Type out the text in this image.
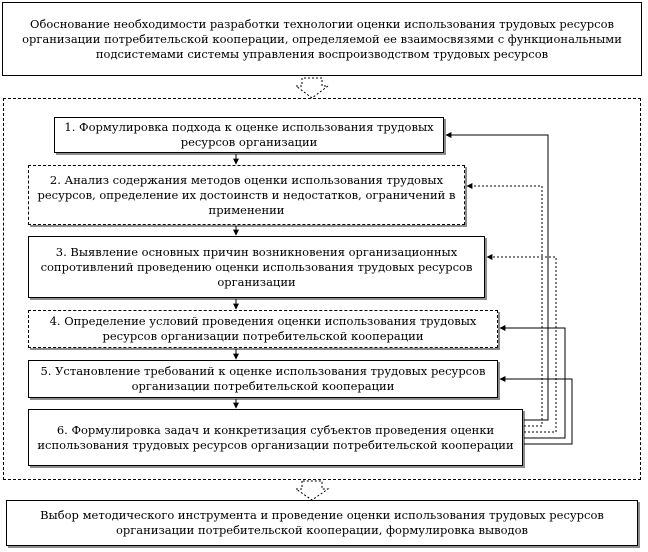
Обоснование необходимости разработки технологии оценки использования трудовых ресурсов организации потребительской кооперации, определяемой ее взаимосвязями с функциональными подсистемами системы управления воспроизводством трудовых ресурсов
1. Формулировка подхода к оценке использования трудовых ресурсов организации
2. Анализ содержания методов оценки использования трудовых ресурсов, определение их достоинств и недостатков, ограничений в применении
3. Выявление основных причин возникновения организационных сопротивлений проведению оценки использования трудовых ресурсов организации
4. Определение условий проведения оценки использования трудовых ресурсов организации потребительской кооперации
5. Установление требований к оценке использования трудовых ресурсов организации потребительской кооперации
6. Формулировка задач и конкретизация субъектов проведения оценки использования трудовых ресурсов организации потребительской кооперации
Выбор методического инструмента и проведение оценки использования трудовых ресурсов организации потребительской кооперации, формулировка выводов
